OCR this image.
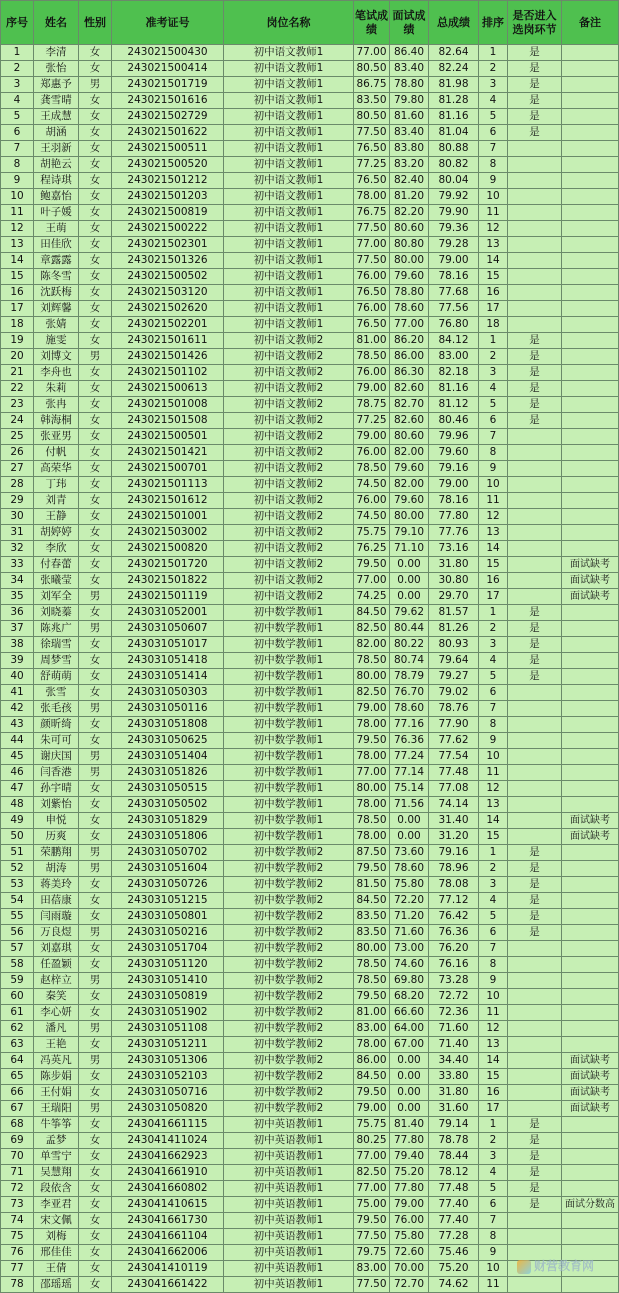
序号	姓名	性别	准考证号	岗位名称	笔试成绩	面试成绩	总成绩	排序	是否进入选岗环节	备注
1	李清	女	243021500430	初中语文教师1	77.00	86.40	82.64	1	是	
2	张怡	女	243021500414	初中语文教师1	80.50	83.40	82.24	2	是	
3	郑惠予	男	243021501719	初中语文教师1	86.75	78.80	81.98	3	是	
4	龚雪晴	女	243021501616	初中语文教师1	83.50	79.80	81.28	4	是	
5	王成慧	女	243021502729	初中语文教师1	80.50	81.60	81.16	5	是	
6	胡涵	女	243021501622	初中语文教师1	77.50	83.40	81.04	6	是	
7	王羽新	女	243021500511	初中语文教师1	76.50	83.80	80.88	7		
8	胡艳云	女	243021500520	初中语文教师1	77.25	83.20	80.82	8		
9	程诗琪	女	243021501212	初中语文教师1	76.50	82.40	80.04	9		
10	鲍嘉怡	女	243021501203	初中语文教师1	78.00	81.20	79.92	10		
11	叶子媛	女	243021500819	初中语文教师1	76.75	82.20	79.90	11		
12	王萌	女	243021500222	初中语文教师1	77.50	80.60	79.36	12		
13	田佳欣	女	243021502301	初中语文教师1	77.00	80.80	79.28	13		
14	章露露	女	243021501326	初中语文教师1	77.50	80.00	79.00	14		
15	陈冬雪	女	243021500502	初中语文教师1	76.00	79.60	78.16	15		
16	沈跃梅	女	243021503120	初中语文教师1	76.50	78.80	77.68	16		
17	刘辉馨	女	243021502620	初中语文教师1	76.00	78.60	77.56	17		
18	张婧	女	243021502201	初中语文教师1	76.50	77.00	76.80	18		
19	施雯	女	243021501611	初中语文教师2	81.00	86.20	84.12	1	是	
20	刘博文	男	243021501426	初中语文教师2	78.50	86.00	83.00	2	是	
21	李舟也	女	243021501102	初中语文教师2	76.00	86.30	82.18	3	是	
22	朱莉	女	243021500613	初中语文教师2	79.00	82.60	81.16	4	是	
23	张冉	女	243021501008	初中语文教师2	78.75	82.70	81.12	5	是	
24	韩海桐	女	243021501508	初中语文教师2	77.25	82.60	80.46	6	是	
25	张亚男	女	243021500501	初中语文教师2	79.00	80.60	79.96	7		
26	付帆	女	243021501421	初中语文教师2	76.00	82.00	79.60	8		
27	高荣华	女	243021500701	初中语文教师2	78.50	79.60	79.16	9		
28	丁玮	女	243021501113	初中语文教师2	74.50	82.00	79.00	10		
29	刘青	女	243021501612	初中语文教师2	76.00	79.60	78.16	11		
30	王静	女	243021501001	初中语文教师2	74.50	80.00	77.80	12		
31	胡婷婷	女	243021503002	初中语文教师2	75.75	79.10	77.76	13		
32	李欣	女	243021500820	初中语文教师2	76.25	71.10	73.16	14		
33	付春蕾	女	243021501720	初中语文教师2	79.50	0.00	31.80	15		面试缺考
34	张曦莹	女	243021501822	初中语文教师2	77.00	0.00	30.80	16		面试缺考
35	刘军全	男	243021501119	初中语文教师2	74.25	0.00	29.70	17		面试缺考
36	刘晓蓁	女	243031052001	初中数学教师1	84.50	79.62	81.57	1	是	
37	陈兆广	男	243031050607	初中数学教师1	82.50	80.44	81.26	2	是	
38	徐瑞雪	女	243031051017	初中数学教师1	82.00	80.22	80.93	3	是	
39	周梦雪	女	243031051418	初中数学教师1	78.50	80.74	79.64	4	是	
40	舒萌萌	女	243031051414	初中数学教师1	80.00	78.79	79.27	5	是	
41	张雪	女	243031050303	初中数学教师1	82.50	76.70	79.02	6		
42	张毛孩	男	243031050116	初中数学教师1	79.00	78.60	78.76	7		
43	颜昕绮	女	243031051808	初中数学教师1	78.00	77.16	77.90	8		
44	朱可可	女	243031050625	初中数学教师1	79.50	76.36	77.62	9		
45	谢庆国	男	243031051404	初中数学教师1	78.00	77.24	77.54	10		
46	闫香港	男	243031051826	初中数学教师1	77.00	77.14	77.48	11		
47	孙宇晴	女	243031050515	初中数学教师1	80.00	75.14	77.08	12		
48	刘紫怡	女	243031050502	初中数学教师1	78.00	71.56	74.14	13		
49	申悦	女	243031051829	初中数学教师1	78.50	0.00	31.40	14		面试缺考
50	历爽	女	243031051806	初中数学教师1	78.00	0.00	31.20	15		面试缺考
51	荣鹏翔	男	243031050702	初中数学教师2	87.50	73.60	79.16	1	是	
52	胡涛	男	243031051604	初中数学教师2	79.50	78.60	78.96	2	是	
53	蒋美玲	女	243031050726	初中数学教师2	81.50	75.80	78.08	3	是	
54	田蓓康	女	243031051215	初中数学教师2	84.50	72.20	77.12	4	是	
55	闫雨璇	女	243031050801	初中数学教师2	83.50	71.20	76.42	5	是	
56	万良煜	男	243031050216	初中数学教师2	83.50	71.60	76.36	6	是	
57	刘嘉琪	女	243031051704	初中数学教师2	80.00	73.00	76.20	7		
58	任盈颖	女	243031051120	初中数学教师2	78.50	74.60	76.16	8		
59	赵梓立	男	243031051410	初中数学教师2	78.50	69.80	73.28	9		
60	秦笑	女	243031050819	初中数学教师2	79.50	68.20	72.72	10		
61	李心妍	女	243031051902	初中数学教师2	81.00	66.60	72.36	11		
62	潘凡	男	243031051108	初中数学教师2	83.00	64.00	71.60	12		
63	王艳	女	243031051211	初中数学教师2	78.00	67.00	71.40	13		
64	冯英凡	男	243031051306	初中数学教师2	86.00	0.00	34.40	14		面试缺考
65	陈步娟	女	243031052103	初中数学教师2	84.50	0.00	33.80	15		面试缺考
66	王付娟	女	243031050716	初中数学教师2	79.50	0.00	31.80	16		面试缺考
67	王瑞阳	男	243031050820	初中数学教师2	79.00	0.00	31.60	17		面试缺考
68	牛筝筝	女	243041661115	初中英语教师1	75.75	81.40	79.14	1	是	
69	孟梦	女	243041411024	初中英语教师1	80.25	77.80	78.78	2	是	
70	单雪宁	女	243041662923	初中英语教师1	77.00	79.40	78.44	3	是	
71	吴慧翔	女	243041661910	初中英语教师1	82.50	75.20	78.12	4	是	
72	段依含	女	243041660802	初中英语教师1	77.00	77.80	77.48	5	是	
73	李亚君	女	243041410615	初中英语教师1	75.00	79.00	77.40	6	是	面试分数高
74	宋文佩	女	243041661730	初中英语教师1	79.50	76.00	77.40	7		
75	刘梅	女	243041661104	初中英语教师1	77.50	75.80	77.28	8		
76	邢佳佳	女	243041662006	初中英语教师1	79.75	72.60	75.46	9		
77	王倩	女	243041410119	初中英语教师1	83.00	70.00	75.20	10		
78	邵瑶瑶	女	243041661422	初中英语教师1	77.50	72.70	74.62	11		
财营教育网
